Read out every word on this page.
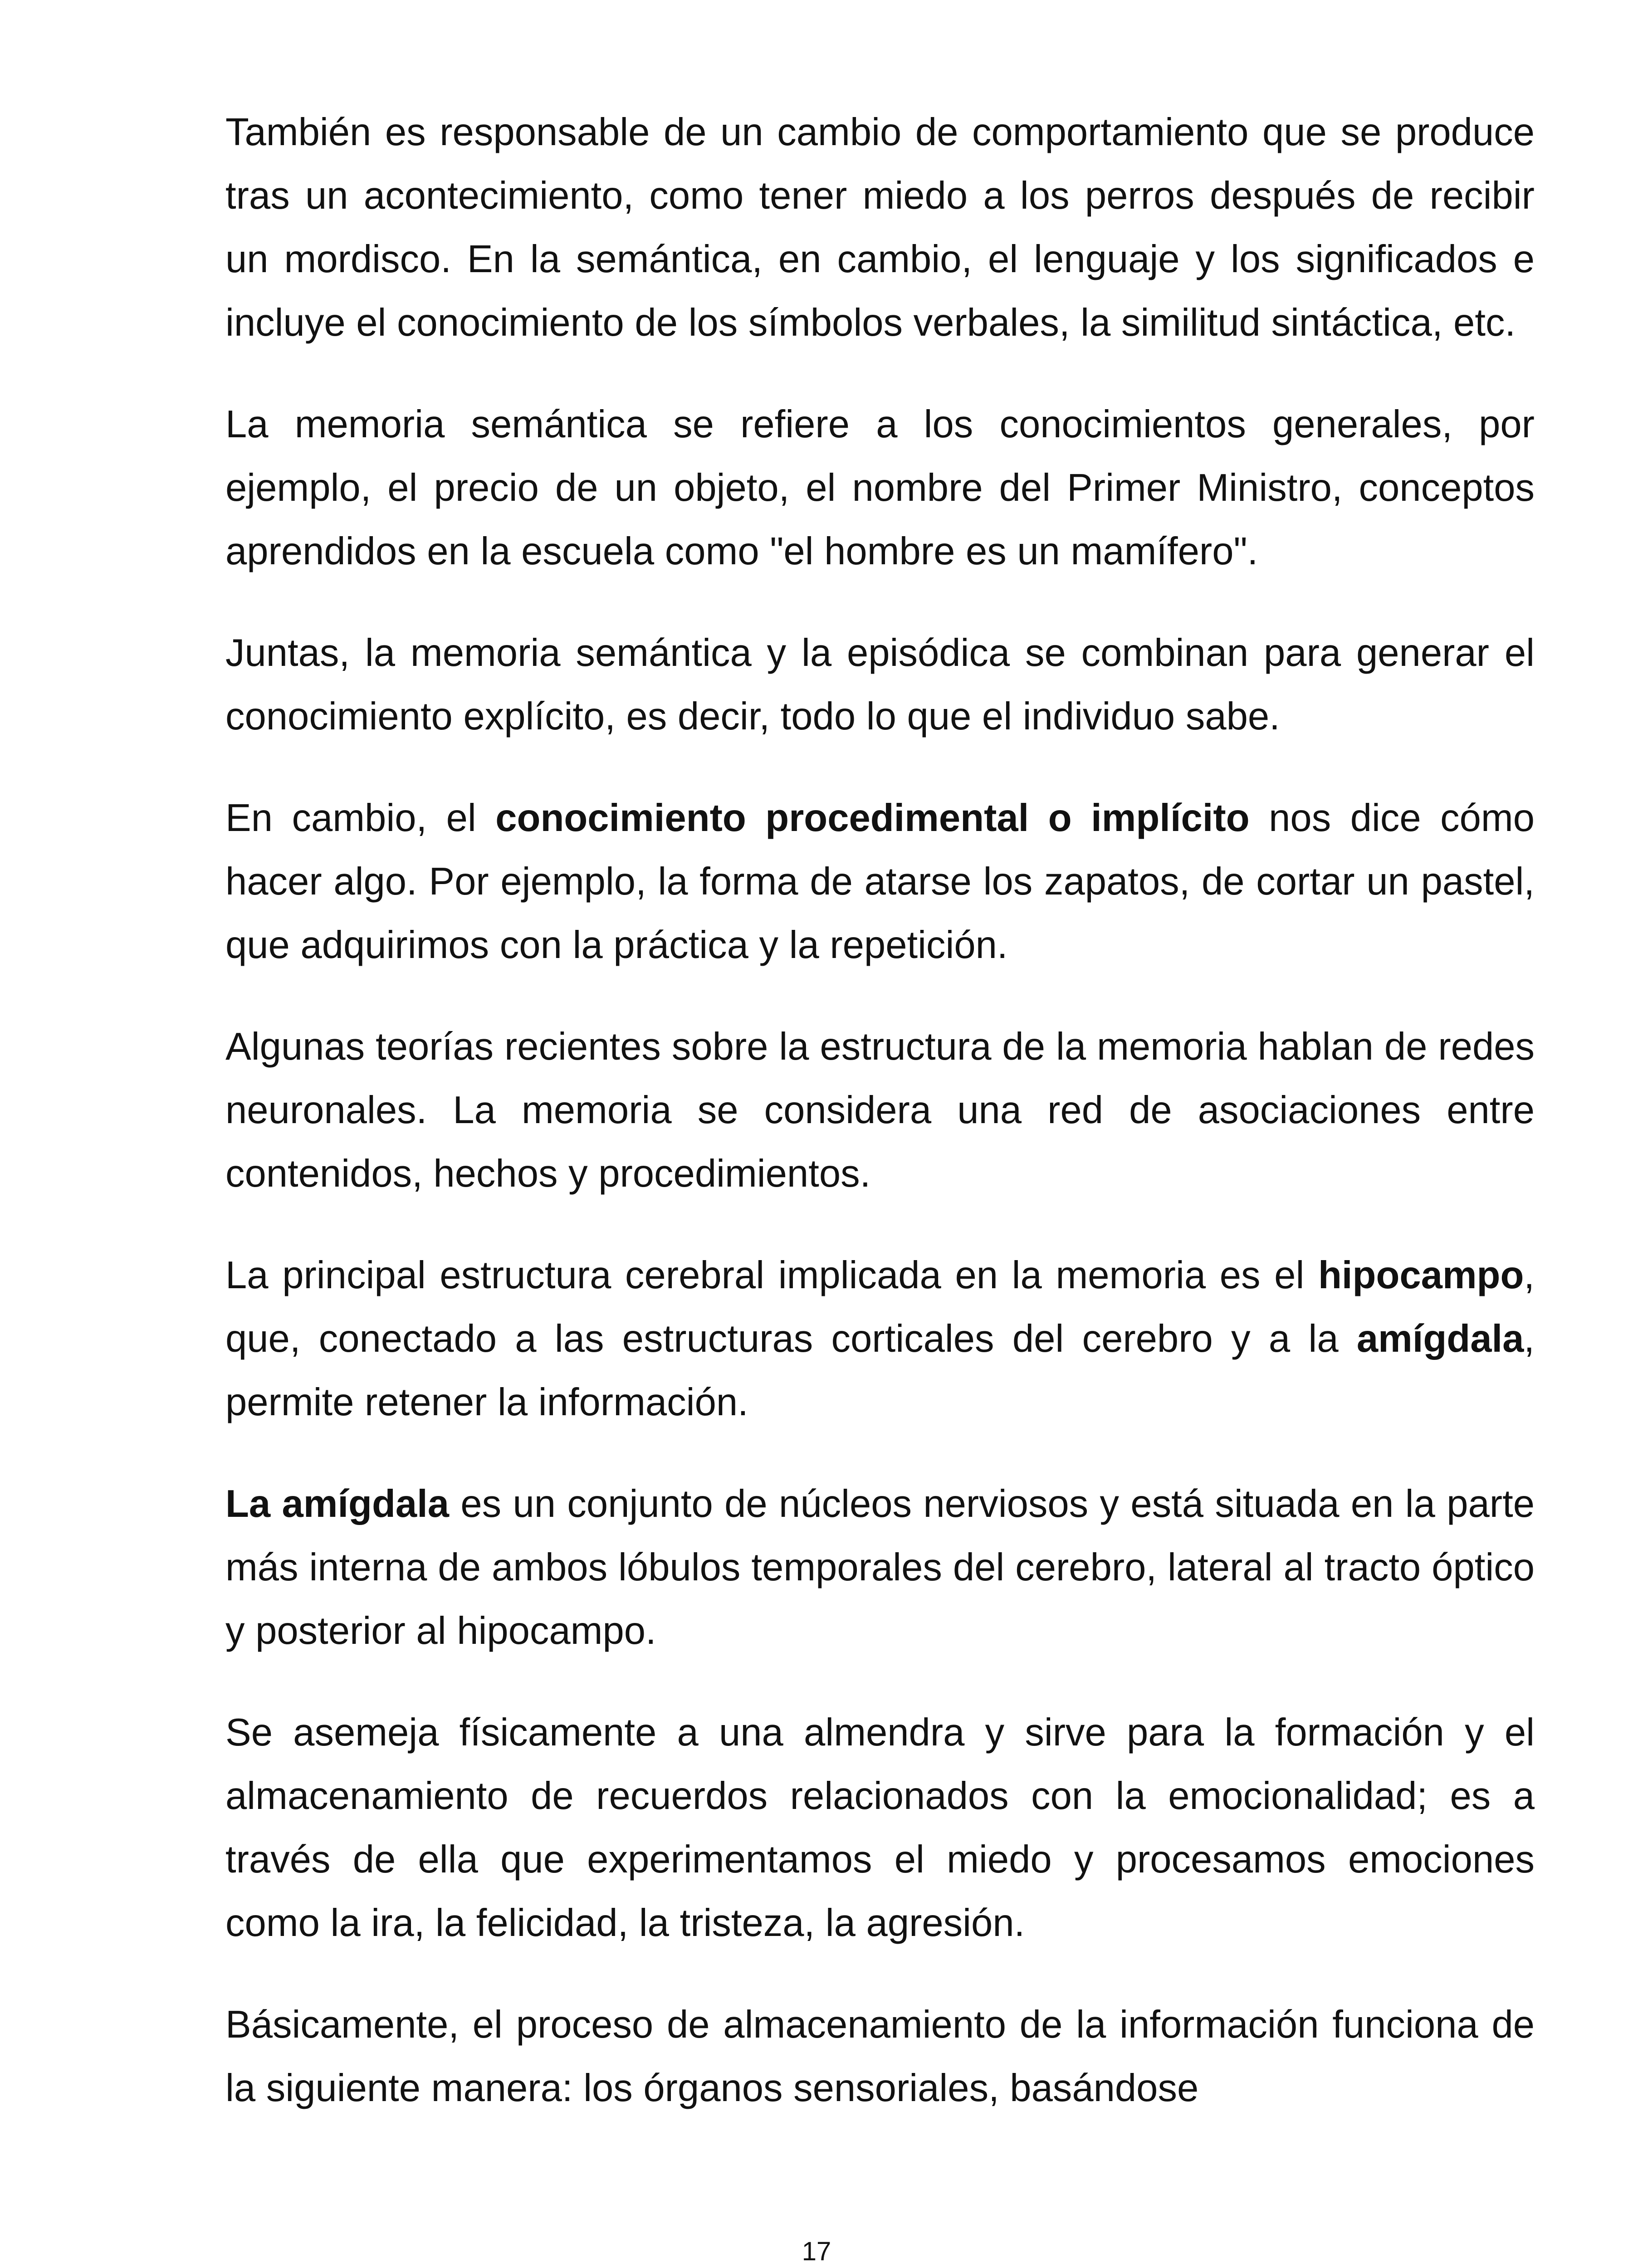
También es responsable de un cambio de comportamiento que se produce tras un acontecimiento, como tener miedo a los perros después de recibir un mordisco. En la semántica, en cambio, el lenguaje y los significados e incluye el conocimiento de los símbolos verbales, la similitud sintáctica, etc.

La memoria semántica se refiere a los conocimientos generales, por ejemplo, el precio de un objeto, el nombre del Primer Ministro, conceptos aprendidos en la escuela como "el hombre es un mamífero".

Juntas, la memoria semántica y la episódica se combinan para generar el conocimiento explícito, es decir, todo lo que el individuo sabe.

En cambio, el conocimiento procedimental o implícito nos dice cómo hacer algo. Por ejemplo, la forma de atarse los zapatos, de cortar un pastel, que adquirimos con la práctica y la repetición.

Algunas teorías recientes sobre la estructura de la memoria hablan de redes neuronales. La memoria se considera una red de asociaciones entre contenidos, hechos y procedimientos.

La principal estructura cerebral implicada en la memoria es el hipocampo, que, conectado a las estructuras corticales del cerebro y a la amígdala, permite retener la información.

La amígdala es un conjunto de núcleos nerviosos y está situada en la parte más interna de ambos lóbulos temporales del cerebro, lateral al tracto óptico y posterior al hipocampo.

Se asemeja físicamente a una almendra y sirve para la formación y el almacenamiento de recuerdos relacionados con la emocionalidad; es a través de ella que experimentamos el miedo y procesamos emociones como la ira, la felicidad, la tristeza, la agresión.

Básicamente, el proceso de almacenamiento de la información funciona de la siguiente manera: los órganos sensoriales, basándose

17
